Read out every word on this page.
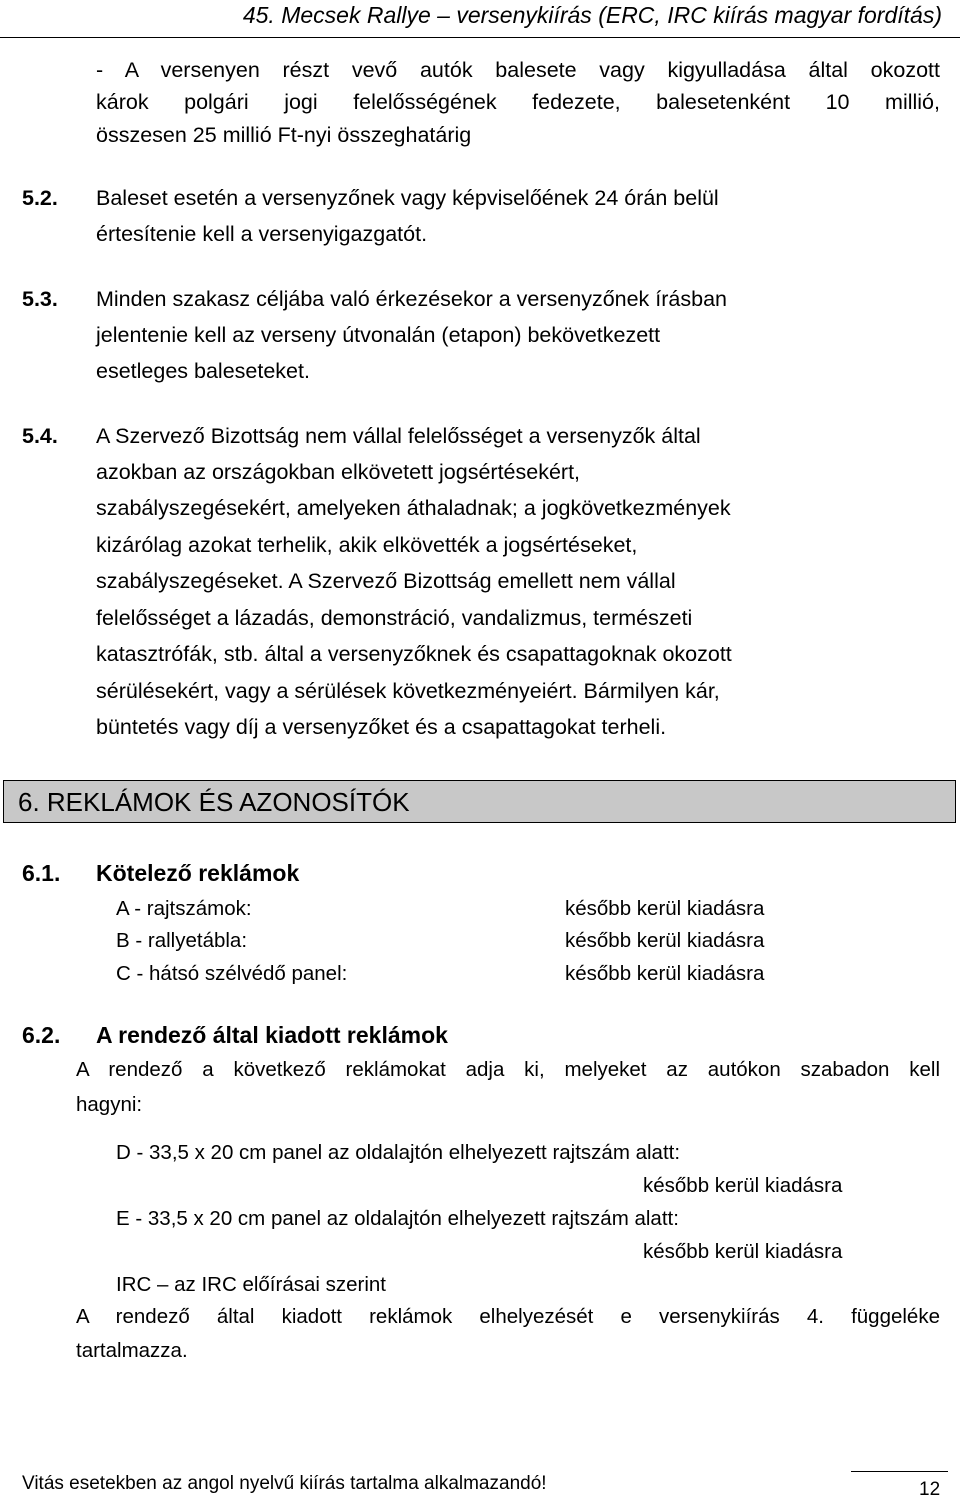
45. Mecsek Rallye – versenykiírás (ERC, IRC kiírás magyar fordítás)
- A versenyen részt vevő autók balesete vagy kigyulladása által okozott
károk polgári jogi felelősségének fedezete, balesetenként 10 millió,
összesen 25 millió Ft-nyi összeghatárig
5.2. Baleset esetén a versenyzőnek vagy képviselőének 24 órán belül
értesítenie kell a versenyigazgatót.
5.3. Minden szakasz céljába való érkezésekor a versenyzőnek írásban
jelentenie kell az verseny útvonalán (etapon) bekövetkezett
esetleges baleseteket.
5.4. A Szervező Bizottság nem vállal felelősséget a versenyzők által
azokban az országokban elkövetett jogsértésekért,
szabályszegésekért, amelyeken áthaladnak; a jogkövetkezmények
kizárólag azokat terhelik, akik elkövették a jogsértéseket,
szabályszegéseket. A Szervező Bizottság emellett nem vállal
felelősséget a lázadás, demonstráció, vandalizmus, természeti
katasztrófák, stb. által a versenyzőknek és csapattagoknak okozott
sérülésekért, vagy a sérülések következményeiért. Bármilyen kár,
büntetés vagy díj a versenyzőket és a csapattagokat terheli.
6. REKLÁMOK ÉS AZONOSÍTÓK
6.1. Kötelező reklámok
A - rajtszámok:	később kerül kiadásra
B - rallyetábla:	később kerül kiadásra
C - hátsó szélvédő panel:	később kerül kiadásra
6.2. A rendező által kiadott reklámok
A rendező a következő reklámokat adja ki, melyeket az autókon szabadon kell
hagyni:
D - 33,5 x 20 cm panel az oldalajtón elhelyezett rajtszám alatt:
később kerül kiadásra
E - 33,5 x 20 cm panel az oldalajtón elhelyezett rajtszám alatt:
később kerül kiadásra
IRC – az IRC előírásai szerint
A rendező által kiadott reklámok elhelyezését e versenykiírás 4. függeléke
tartalmazza.
Vitás esetekben az angol nyelvű kiírás tartalma alkalmazandó!	12
